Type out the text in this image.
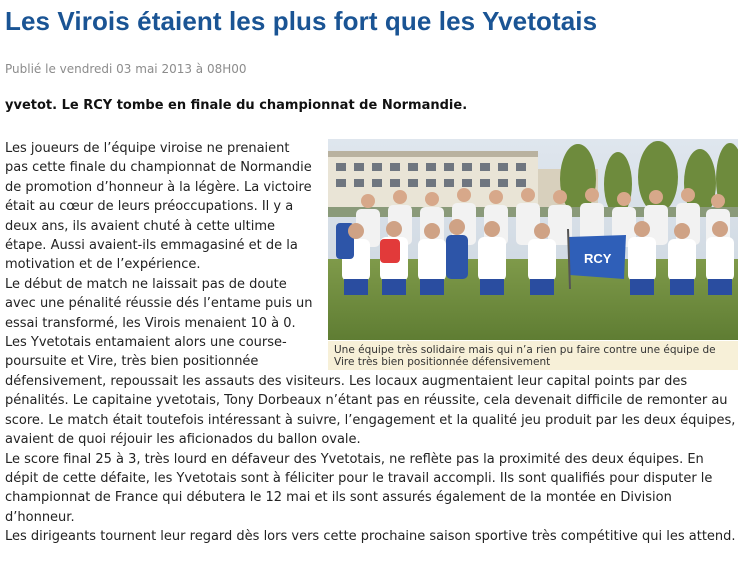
Les Virois étaient les plus fort que les Yvetotais
Publié le vendredi 03 mai 2013 à 08H00
yvetot. Le RCY tombe en finale du championnat de Normandie.
RCY
Une équipe très solidaire mais qui n’a rien pu faire contre une équipe de Vire très bien positionnée défensivement

Les joueurs de l’équipe viroise ne prenaient pas cette finale du championnat de Normandie de promotion d’honneur à la légère. La victoire était au cœur de leurs préoccupations. Il y a deux ans, ils avaient chuté à cette ultime étape. Aussi avaient-ils emmagasiné et de la motivation et de l’expérience.

Le début de match ne laissait pas de doute avec une pénalité réussie dés l’entame puis un essai transformé, les Virois menaient 10 à 0. Les Yvetotais entamaient alors une course-poursuite et Vire, très bien positionnée défensivement, repoussait les assauts des visiteurs. Les locaux augmentaient leur capital points par des pénalités. Le capitaine yvetotais, Tony Dorbeaux n’étant pas en réussite, cela devenait difficile de remonter au score. Le match était toutefois intéressant à suivre, l’engagement et la qualité jeu produit par les deux équipes, avaient de quoi réjouir les aficionados du ballon ovale.

Le score final 25 à 3, très lourd en défaveur des Yvetotais, ne reflète pas la proximité des deux équipes. En dépit de cette défaite, les Yvetotais sont à féliciter pour le travail accompli. Ils sont qualifiés pour disputer le championnat de France qui débutera le 12 mai et ils sont assurés également de la montée en Division d’honneur.

Les dirigeants tournent leur regard dès lors vers cette prochaine saison sportive très compétitive qui les attend.
